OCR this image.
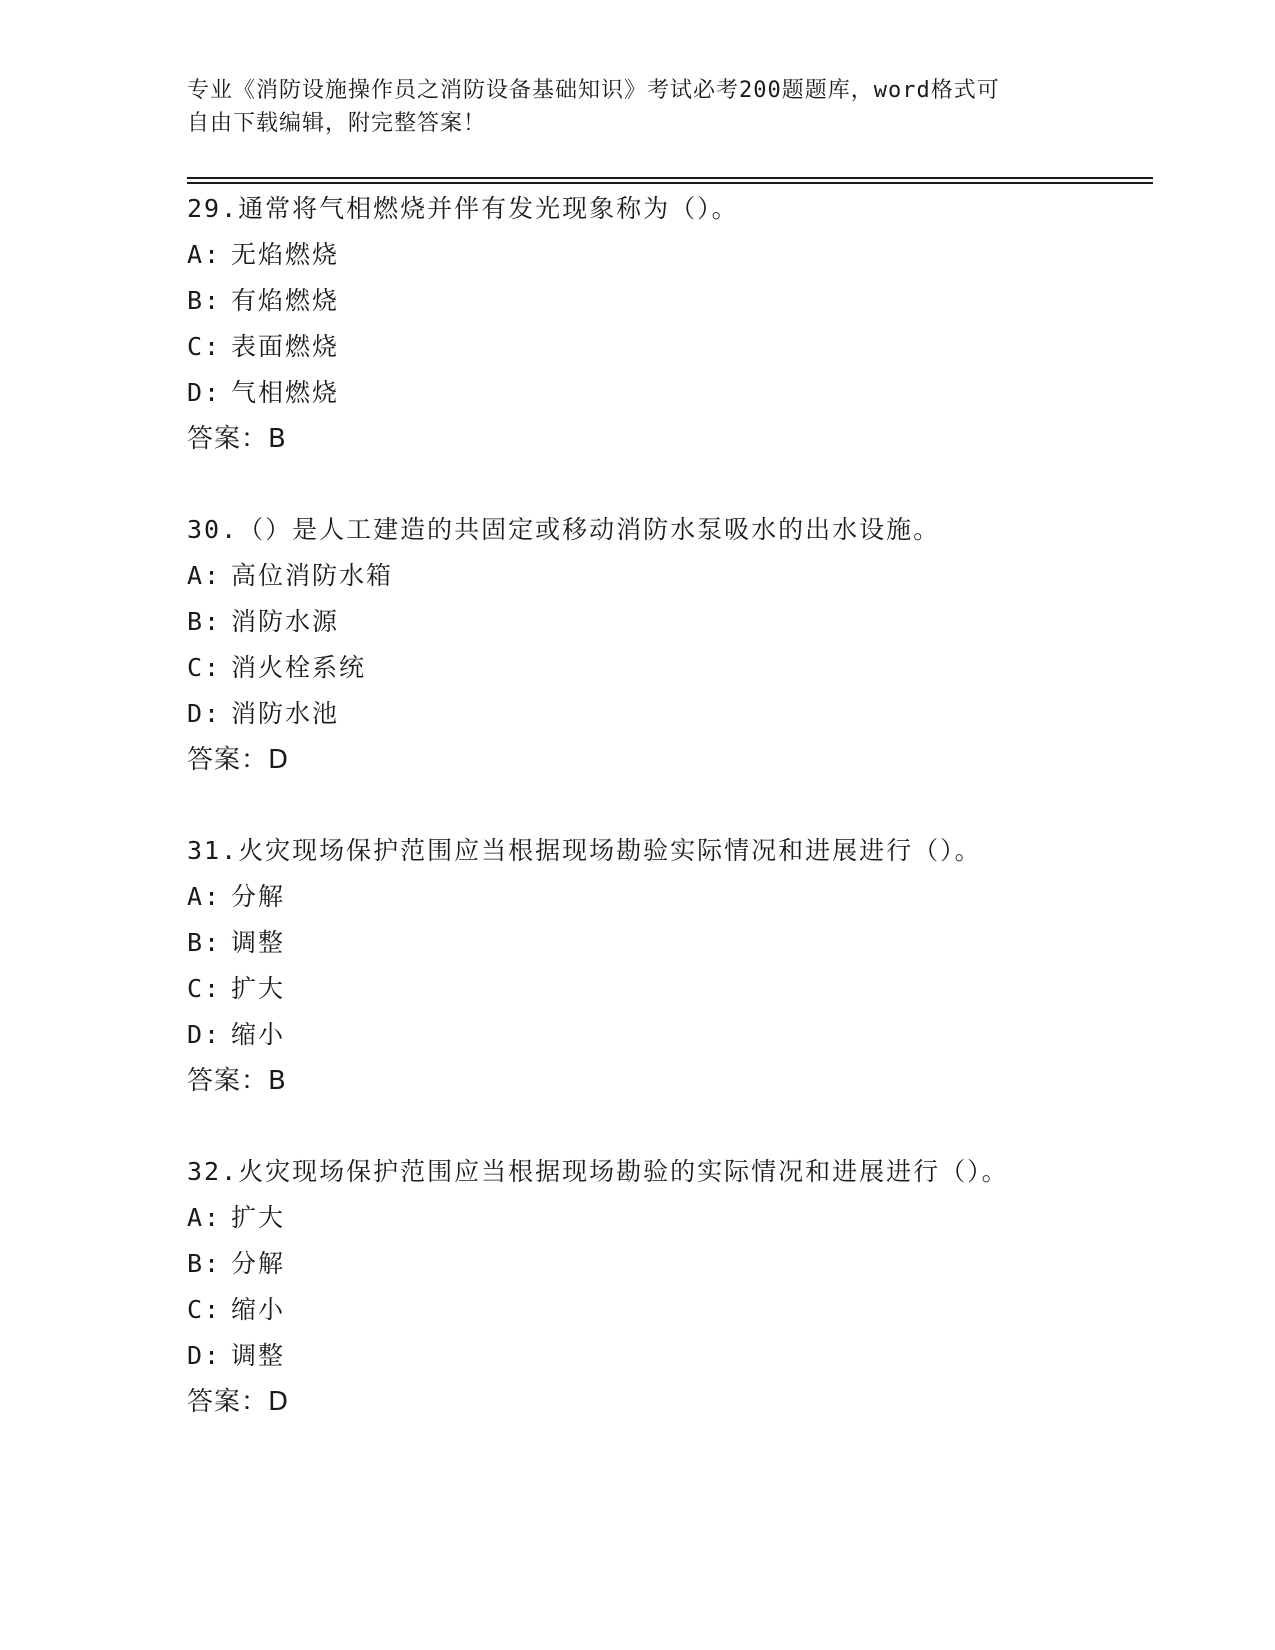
专业《消防设施操作员之消防设备基础知识》考试必考200题题库，word格式可
自由下载编辑，附完整答案！
29.通常将气相燃烧并伴有发光现象称为（）。
A: 无焰燃烧
B: 有焰燃烧
C: 表面燃烧
D: 气相燃烧
答案：B
30.（）是人工建造的共固定或移动消防水泵吸水的出水设施。
A: 高位消防水箱
B: 消防水源
C: 消火栓系统
D: 消防水池
答案：D
31.火灾现场保护范围应当根据现场勘验实际情况和进展进行（）。
A: 分解
B: 调整
C: 扩大
D: 缩小
答案：B
32.火灾现场保护范围应当根据现场勘验的实际情况和进展进行（）。
A: 扩大
B: 分解
C: 缩小
D: 调整
答案：D
